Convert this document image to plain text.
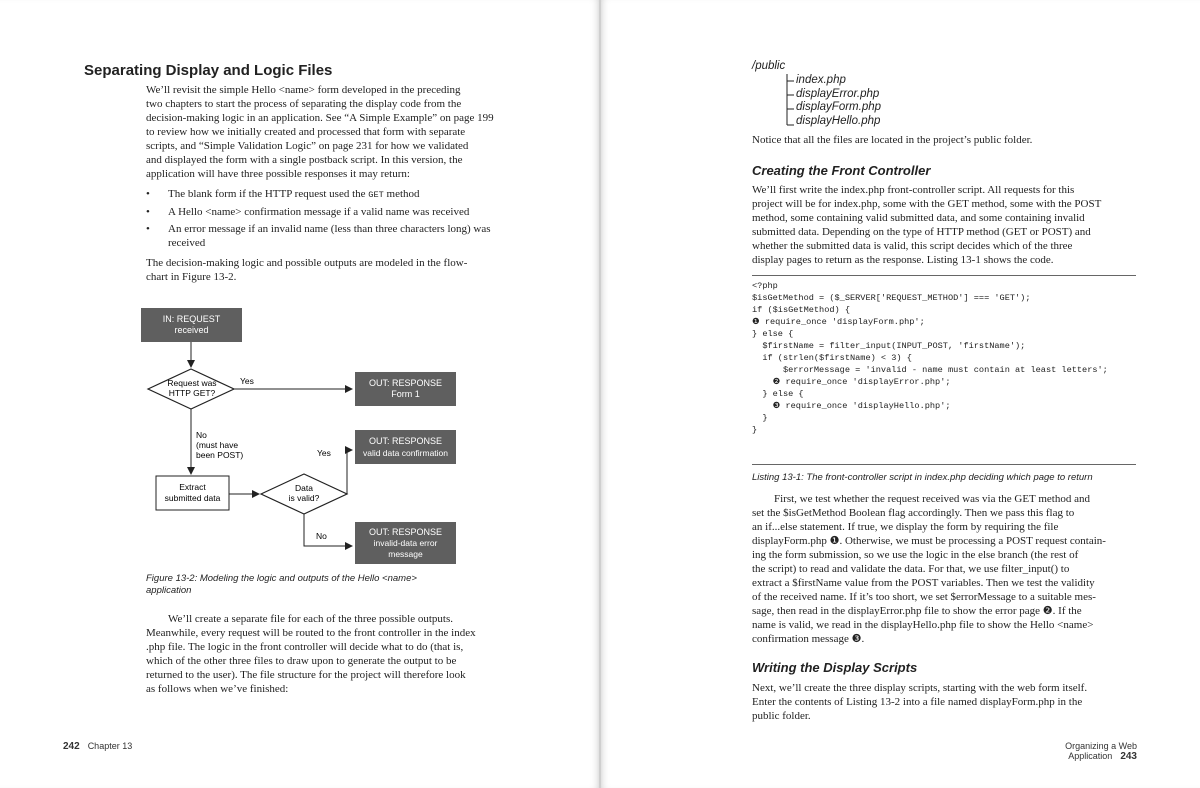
Separating Display and Logic Files

We’ll revisit the simple Hello <name> form developed in the preceding

two chapters to start the process of separating the display code from the

decision-making logic in an application. See “A Simple Example” on page 199

to review how we initially created and processed that form with separate

scripts, and “Simple Validation Logic” on page 231 for how we validated

and displayed the form with a single postback script. In this version, the

application will have three possible responses it may return:

• The blank form if the HTTP request used the GET method
• A Hello <name> confirmation message if a valid name was received
• An error message if an invalid name (less than three characters long) was received

The decision-making logic and possible outputs are modeled in the flow-

chart in Figure 13-2.

IN: REQUEST
received
Request was
HTTP GET?
Yes	OUT: RESPONSE
Form 1
No
(must have
been POST)
Extract
submitted data
Data
is valid?
Yes
OUT: RESPONSE
valid data confirmation
No	OUT: RESPONSE
invalid-data error
message
Figure 13-2: Modeling the logic and outputs of the Hello <name>
application

We’ll create a separate file for each of the three possible outputs.

Meanwhile, every request will be routed to the front controller in the index

.php file. The logic in the front controller will decide what to do (that is,

which of the other three files to draw upon to generate the output to be

returned to the user). The file structure for the project will therefore look

as follows when we’ve finished:

242 Chapter 13
/public
index.php
displayError.php
displayForm.php
displayHello.php

Notice that all the files are located in the project’s public folder.

Creating the Front Controller

We’ll first write the index.php front-controller script. All requests for this

project will be for index.php, some with the GET method, some with the POST

method, some containing valid submitted data, and some containing invalid

submitted data. Depending on the type of HTTP method (GET or POST) and

whether the submitted data is valid, this script decides which of the three

display pages to return as the response. Listing 13-1 shows the code.

<?php
$isGetMethod = ($_SERVER['REQUEST_METHOD'] === 'GET');
if ($isGetMethod) {
❶ require_once 'displayForm.php';
} else {
$firstName = filter_input(INPUT_POST, 'firstName');
if (strlen($firstName) < 3) {
$errorMessage = 'invalid - name must contain at least letters';
❷ require_once 'displayError.php';
} else {
❸ require_once 'displayHello.php';
}
}
Listing 13-1: The front-controller script in index.php deciding which page to return

First, we test whether the request received was via the GET method and

set the $isGetMethod Boolean flag accordingly. Then we pass this flag to

an if...else statement. If true, we display the form by requiring the file

displayForm.php ❶. Otherwise, we must be processing a POST request contain-

ing the form submission, so we use the logic in the else branch (the rest of

the script) to read and validate the data. For that, we use filter_input() to

extract a $firstName value from the POST variables. Then we test the validity

of the received name. If it’s too short, we set $errorMessage to a suitable mes-

sage, then read in the displayError.php file to show the error page ❷. If the

name is valid, we read in the displayHello.php file to show the Hello <name>

confirmation message ❸.

Writing the Display Scripts

Next, we’ll create the three display scripts, starting with the web form itself.

Enter the contents of Listing 13-2 into a file named displayForm.php in the

public folder.

Organizing a Web Application 243
